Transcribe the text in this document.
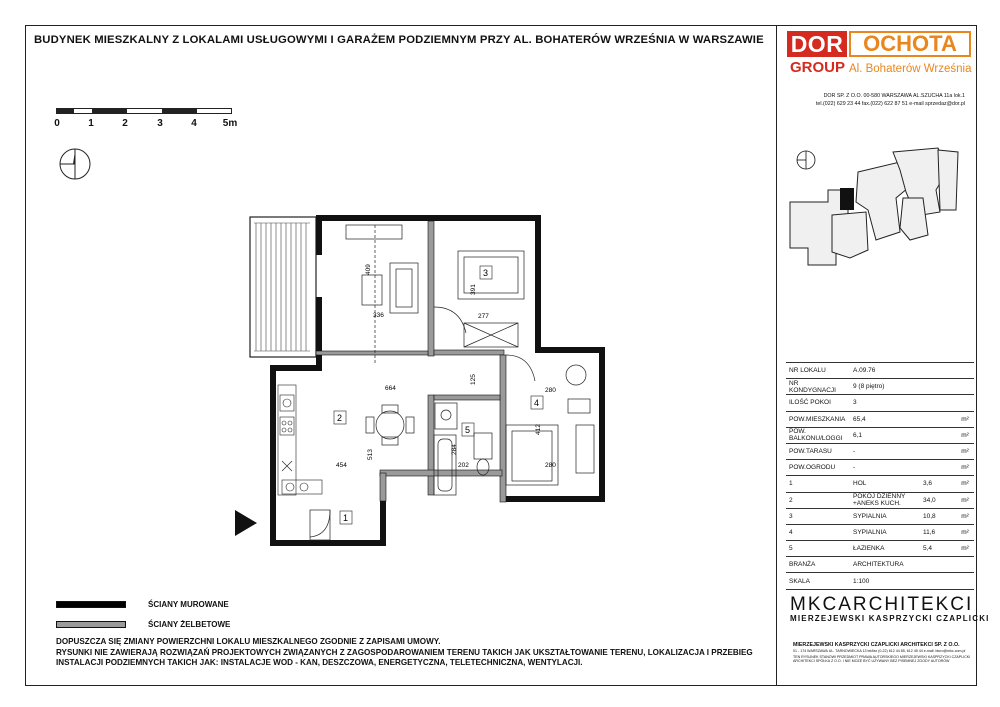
BUDYNEK MIESZKALNY Z LOKALAMI USŁUGOWYMI I GARAŻEM PODZIEMNYM PRZY AL. BOHATERÓW WRZEŚNIA W WARSZAWIE DOR OCHOTA
GROUP Al. Bohaterów Września
DOR SP. Z O.O. 00-580 WARSZAWA AL.SZUCHA 11a lok.1
tel.(022) 629 23 44 fax.(022) 622 87 51 e-mail sprzedaz@dor.pl
0	1	2	3	4	5m
1
2
3
4
5
409
336
391
277
664
125
280
412
280
513
454
284
202
NR LOKALU	A.09.76		
NR KONDYGNACJI	9 (8 piętro)		
ILOŚĆ POKOI	3		
POW.MIESZKANIA	65,4		m²
POW. BALKONU/LOGGI	6,1		m²
POW.TARASU	-		m²
POW.OGRODU	-		m²
1	HOL	3,6	m²
2	POKÓJ DZIENNY +ANEKS KUCH.	34,0	m²
3	SYPIALNIA	10,8	m²
4	SYPIALNIA	11,6	m²
5	ŁAZIENKA	5,4	m²
BRANŻA	ARCHITEKTURA		
SKALA	1:100		
ŚCIANY MUROWANE
ŚCIANY ŻELBETOWE
DOPUSZCZA SIĘ ZMIANY POWIERZCHNI LOKALU MIESZKALNEGO ZGODNIE Z ZAPISAMI UMOWY.
RYSUNKI NIE ZAWIERAJĄ ROZWIĄZAŃ PROJEKTOWYCH ZWIĄZANYCH Z ZAGOSPODAROWANIEM TERENU TAKICH JAK UKSZTAŁTOWANIE TERENU, LOKALIZACJA I PRZEBIEG
INSTALACJI PODZIEMNYCH TAKICH JAK: INSTALACJE WOD - KAN, DESZCZOWA, ENERGETYCZNA, TELETECHNICZNA, WENTYLACJI.
MKCARCHITEKCI
MIERZEJEWSKI KASPRZYCKI CZAPLICKI
MIERZEJEWSKI KASPRZYCKI CZAPLICKI ARCHITEKCI SP. Z O.O.
01 - 174 WARSZAWA UL. TARNOWIECKA 13 tel/fax (0-22) 612 44 85, 612 45 44 e-mail: biuro@mkc.com.pl
TEN RYSUNEK STANOWI PRZEDMIOT PRAWA AUTORSKIEGO MIERZEJEWSKI KASPRZYCKI CZAPLICKI ARCHITEKCI SPÓŁKA Z O.O. I NIE MOŻE BYĆ UŻYWANY BEZ PISEMNEJ ZGODY AUTORÓW
